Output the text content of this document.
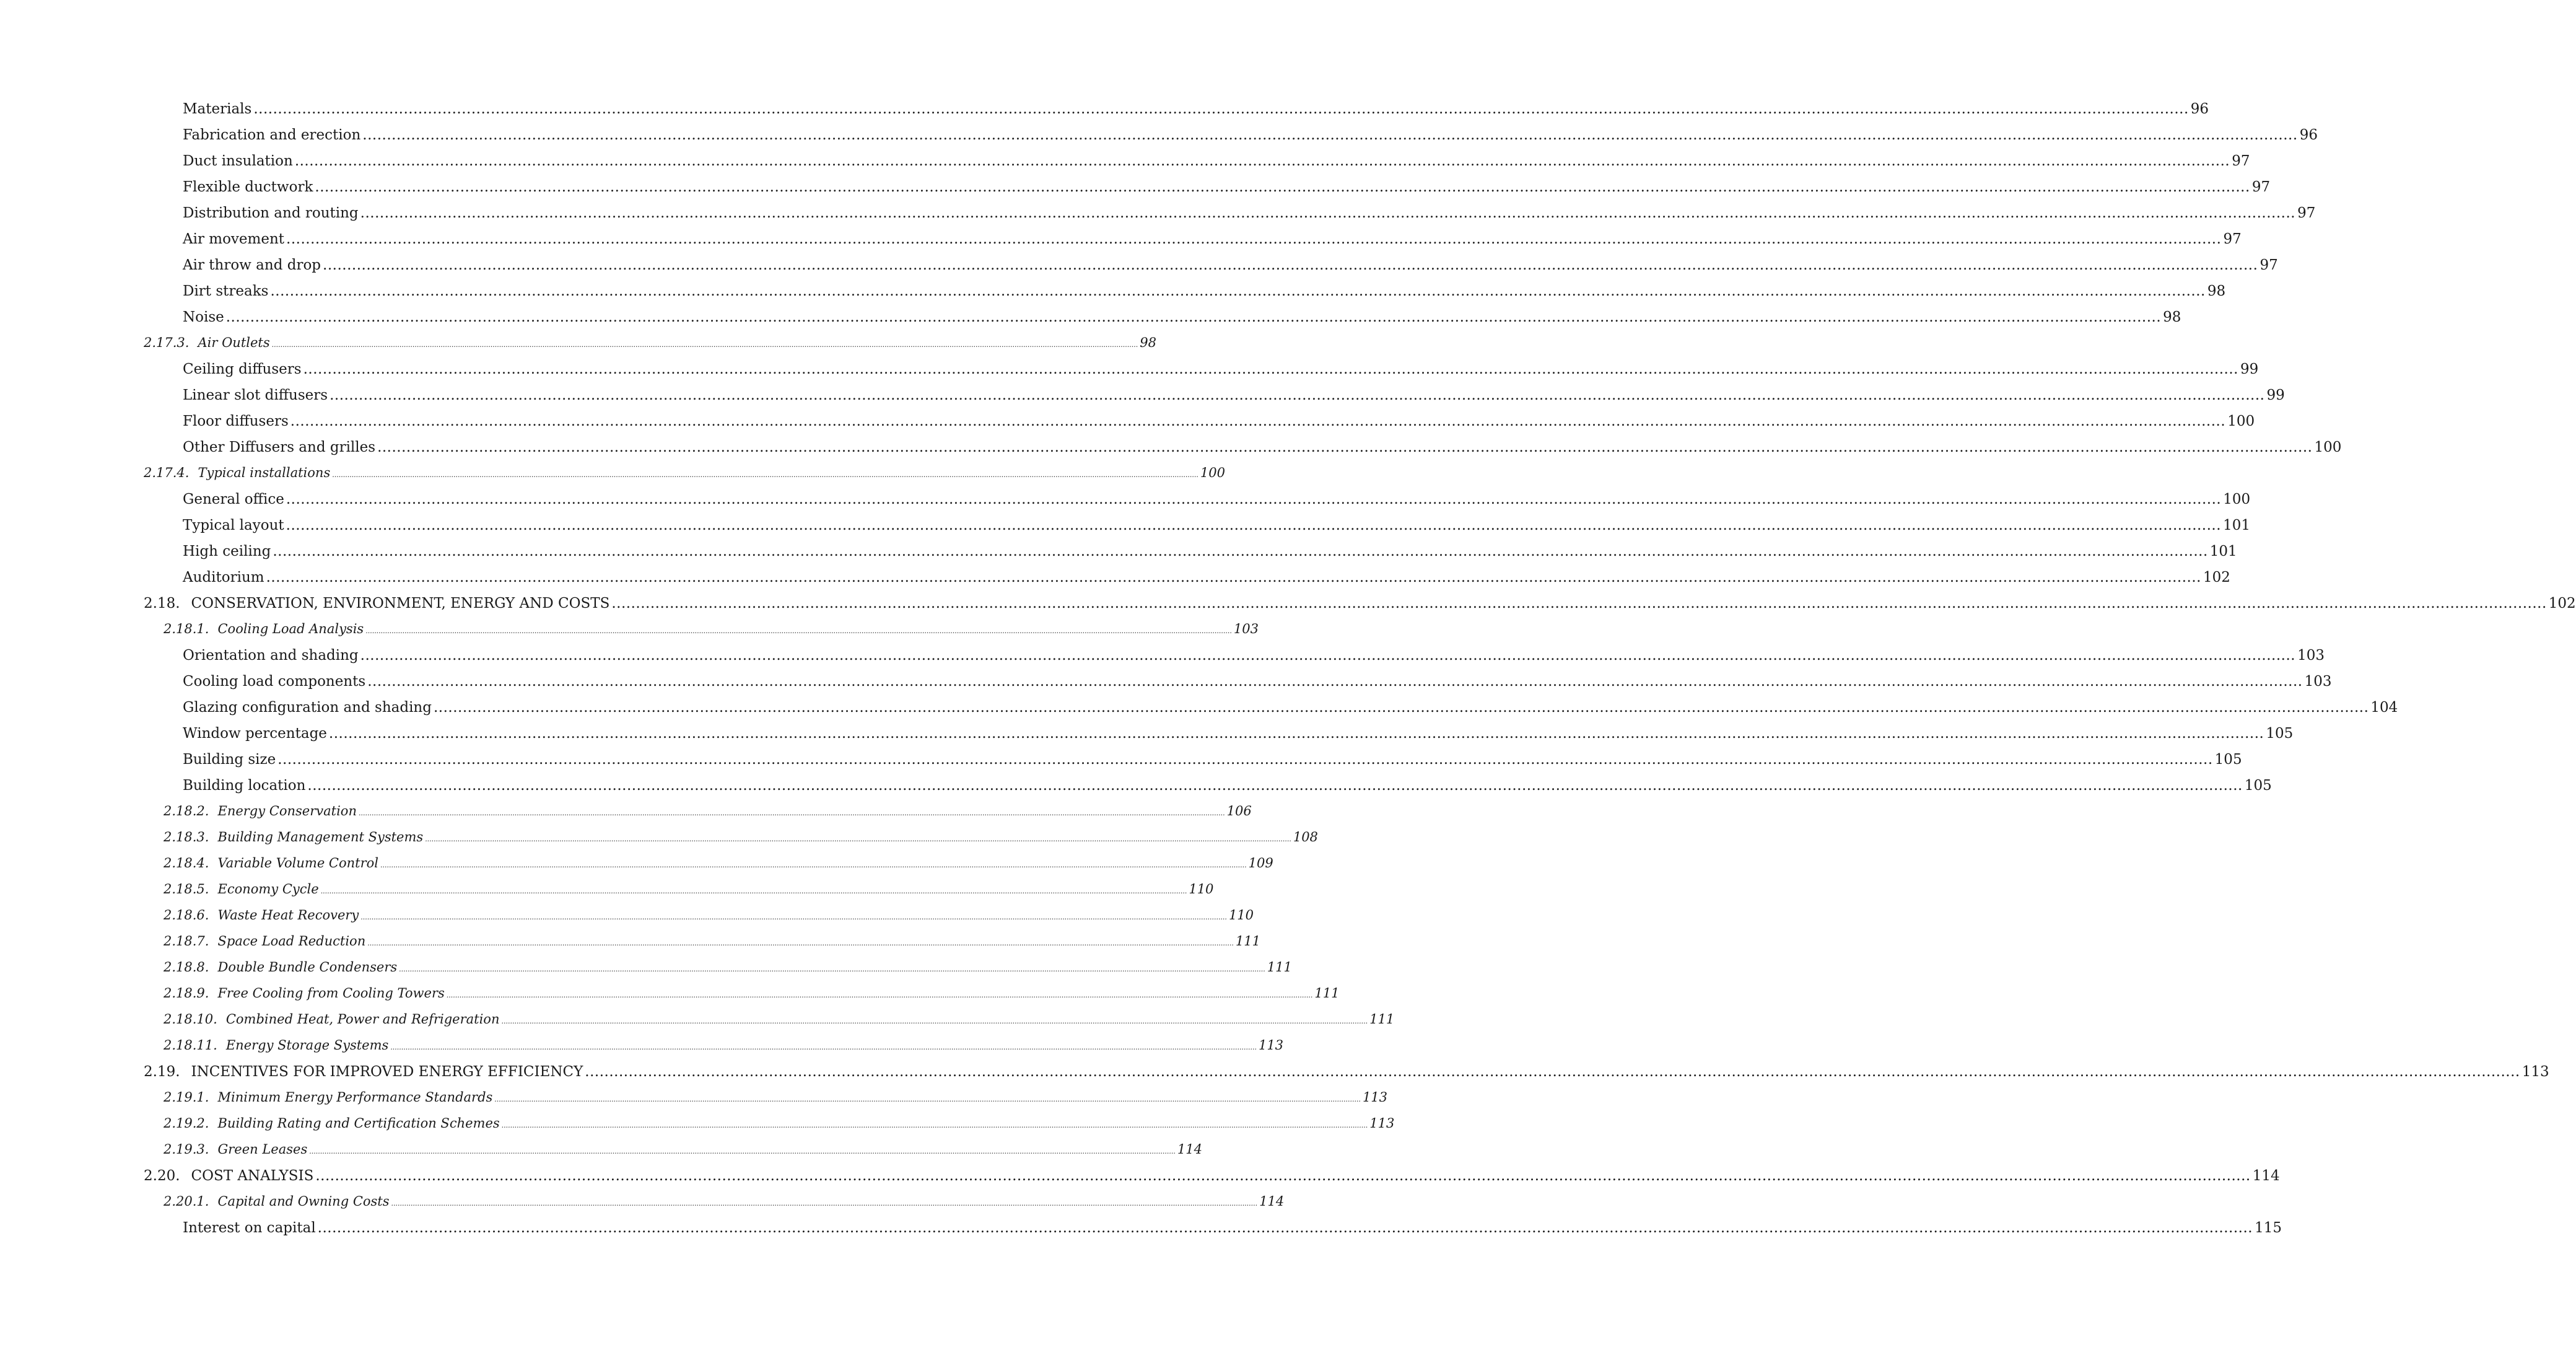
Materials ................................................................................................................................................................................................................................................................................................................................................................................................................ 96
Fabrication and erection ................................................................................................................................................................................................................................................................................................................................................................................................................ 96
Duct insulation ................................................................................................................................................................................................................................................................................................................................................................................................................ 97
Flexible ductwork ................................................................................................................................................................................................................................................................................................................................................................................................................ 97
Distribution and routing ................................................................................................................................................................................................................................................................................................................................................................................................................ 97
Air movement ................................................................................................................................................................................................................................................................................................................................................................................................................ 97
Air throw and drop ................................................................................................................................................................................................................................................................................................................................................................................................................ 97
Dirt streaks ................................................................................................................................................................................................................................................................................................................................................................................................................ 98
Noise ................................................................................................................................................................................................................................................................................................................................................................................................................ 98
2.17.3. Air Outlets ................................................................................................................................................................................................................................................................................................................................................................................................................ 98
Ceiling diffusers ................................................................................................................................................................................................................................................................................................................................................................................................................ 99
Linear slot diffusers ................................................................................................................................................................................................................................................................................................................................................................................................................ 99
Floor diffusers ................................................................................................................................................................................................................................................................................................................................................................................................................ 100
Other Diffusers and grilles ................................................................................................................................................................................................................................................................................................................................................................................................................ 100
2.17.4. Typical installations ................................................................................................................................................................................................................................................................................................................................................................................................................ 100
General office ................................................................................................................................................................................................................................................................................................................................................................................................................ 100
Typical layout ................................................................................................................................................................................................................................................................................................................................................................................................................ 101
High ceiling ................................................................................................................................................................................................................................................................................................................................................................................................................ 101
Auditorium ................................................................................................................................................................................................................................................................................................................................................................................................................ 102
2.18. CONSERVATION, ENVIRONMENT, ENERGY AND COSTS ................................................................................................................................................................................................................................................................................................................................................................................................................ 102
2.18.1. Cooling Load Analysis ................................................................................................................................................................................................................................................................................................................................................................................................................ 103
Orientation and shading ................................................................................................................................................................................................................................................................................................................................................................................................................ 103
Cooling load components ................................................................................................................................................................................................................................................................................................................................................................................................................ 103
Glazing configuration and shading ................................................................................................................................................................................................................................................................................................................................................................................................................ 104
Window percentage ................................................................................................................................................................................................................................................................................................................................................................................................................ 105
Building size ................................................................................................................................................................................................................................................................................................................................................................................................................ 105
Building location ................................................................................................................................................................................................................................................................................................................................................................................................................ 105
2.18.2. Energy Conservation ................................................................................................................................................................................................................................................................................................................................................................................................................ 106
2.18.3. Building Management Systems ................................................................................................................................................................................................................................................................................................................................................................................................................ 108
2.18.4. Variable Volume Control ................................................................................................................................................................................................................................................................................................................................................................................................................ 109
2.18.5. Economy Cycle ................................................................................................................................................................................................................................................................................................................................................................................................................ 110
2.18.6. Waste Heat Recovery ................................................................................................................................................................................................................................................................................................................................................................................................................ 110
2.18.7. Space Load Reduction ................................................................................................................................................................................................................................................................................................................................................................................................................ 111
2.18.8. Double Bundle Condensers ................................................................................................................................................................................................................................................................................................................................................................................................................ 111
2.18.9. Free Cooling from Cooling Towers ................................................................................................................................................................................................................................................................................................................................................................................................................ 111
2.18.10. Combined Heat, Power and Refrigeration ................................................................................................................................................................................................................................................................................................................................................................................................................ 111
2.18.11. Energy Storage Systems ................................................................................................................................................................................................................................................................................................................................................................................................................ 113
2.19. INCENTIVES FOR IMPROVED ENERGY EFFICIENCY ................................................................................................................................................................................................................................................................................................................................................................................................................ 113
2.19.1. Minimum Energy Performance Standards ................................................................................................................................................................................................................................................................................................................................................................................................................ 113
2.19.2. Building Rating and Certification Schemes ................................................................................................................................................................................................................................................................................................................................................................................................................ 113
2.19.3. Green Leases ................................................................................................................................................................................................................................................................................................................................................................................................................ 114
2.20. COST ANALYSIS ................................................................................................................................................................................................................................................................................................................................................................................................................ 114
2.20.1. Capital and Owning Costs ................................................................................................................................................................................................................................................................................................................................................................................................................ 114
Interest on capital ................................................................................................................................................................................................................................................................................................................................................................................................................ 115
